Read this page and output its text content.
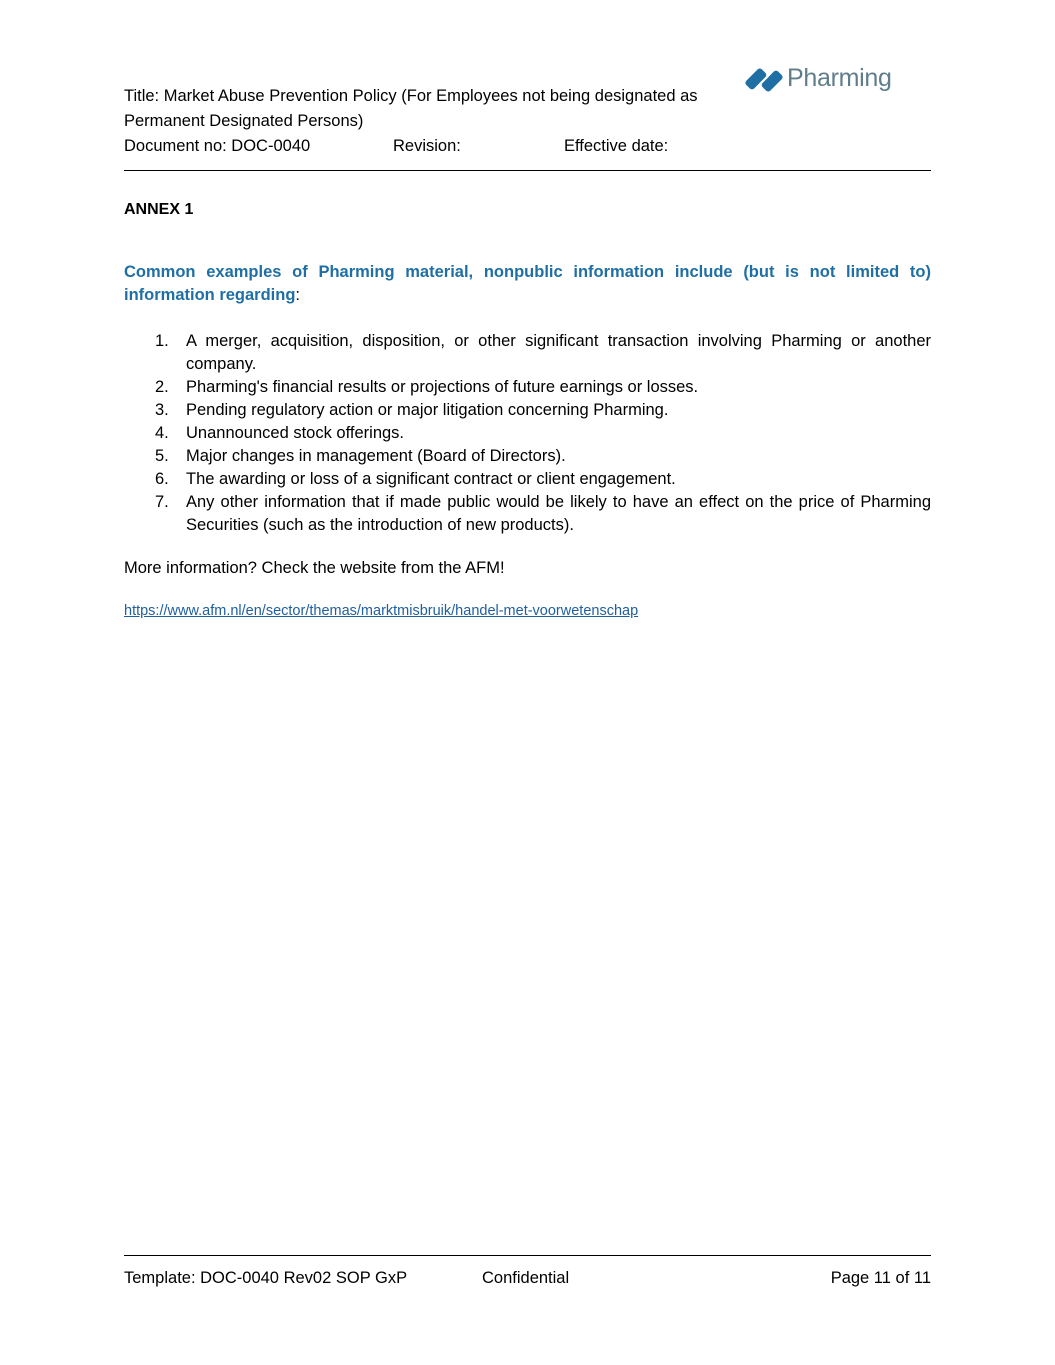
Title: Market Abuse Prevention Policy (For Employees not being designated as Permanent Designated Persons)
Document no: DOC-0040	Revision:	Effective date:
Pharming
ANNEX 1
Common examples of Pharming material, nonpublic information include (but is not limited to) information regarding:
1. A merger, acquisition, disposition, or other significant transaction involving Pharming or another company.
2. Pharming's financial results or projections of future earnings or losses.
3. Pending regulatory action or major litigation concerning Pharming.
4. Unannounced stock offerings.
5. Major changes in management (Board of Directors).
6. The awarding or loss of a significant contract or client engagement.
7. Any other information that if made public would be likely to have an effect on the price of Pharming Securities (such as the introduction of new products).
More information? Check the website from the AFM!
https://www.afm.nl/en/sector/themas/marktmisbruik/handel-met-voorwetenschap
Template: DOC-0040 Rev02 SOP GxP	Confidential	Page 11 of 11
